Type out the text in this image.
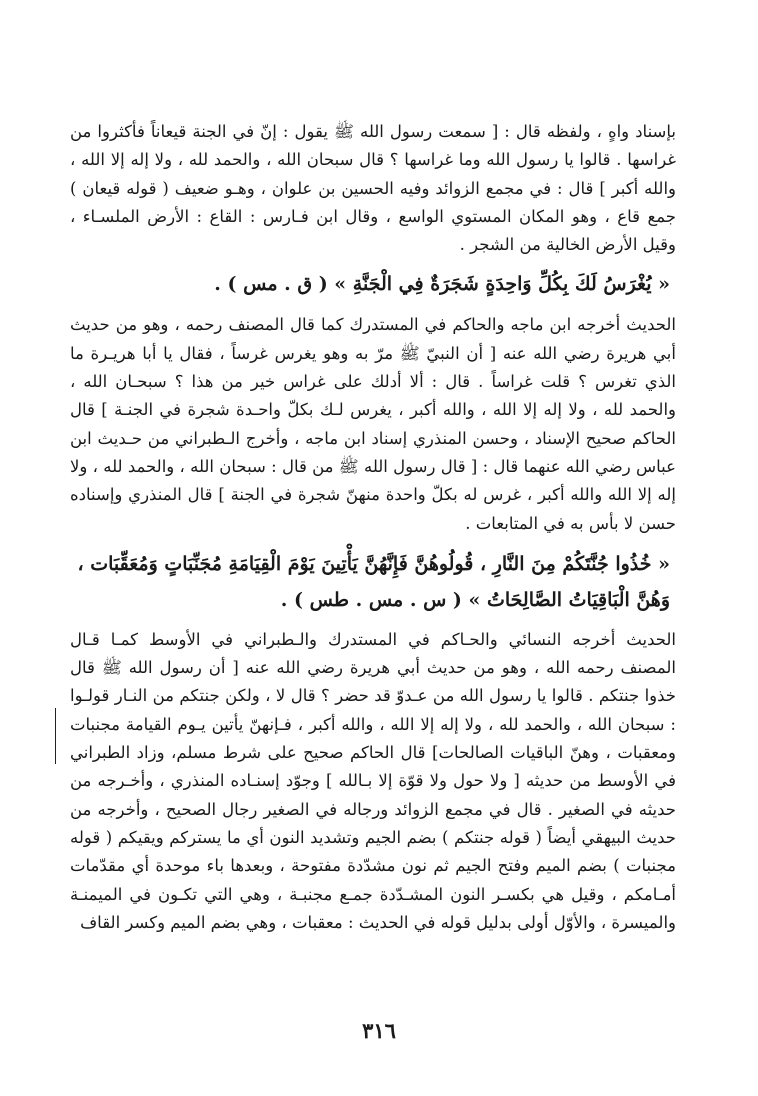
بإسناد واهٍ ، ولفظه قال : [ سمعت رسول الله ﷺ يقول : إنّ في الجنة قيعاناً فأكثروا من غراسها . قالوا يا رسول الله وما غراسها ؟ قال سبحان الله ، والحمد لله ، ولا إله إلا الله ، والله أكبر ] قال : في مجمع الزوائد وفيه الحسين بن علوان ، وهـو ضعيف ( قوله قيعان ) جمع قاع ، وهو المكان المستوي الواسع ، وقال ابن فـارس : القاع : الأرض الملسـاء ، وقيل الأرض الخالية من الشجر .

« يُغْرَسُ لَكَ بِكُلِّ وَاحِدَةٍ شَجَرَةٌ فِي الْجَنَّةِ » ( ق . مس ) .

الحديث أخرجه ابن ماجه والحاكم في المستدرك كما قال المصنف رحمه ، وهو من حديث أبي هريرة رضي الله عنه [ أن النبيّ ﷺ مرّ به وهو يغرس غرساً ، فقال يا أبا هريـرة ما الذي تغرس ؟ قلت غراساً . قال : ألا أدلك على غراس خير من هذا ؟ سبحـان الله ، والحمد لله ، ولا إله إلا الله ، والله أكبر ، يغرس لـك بكلّ واحـدة شجرة في الجنـة ] قال الحاكم صحيح الإسناد ، وحسن المنذري إسناد ابن ماجه ، وأخرج الـطبراني من حـديث ابن عباس رضي الله عنهما قال : [ قال رسول الله ﷺ من قال : سبحان الله ، والحمد لله ، ولا إله إلا الله والله أكبر ، غرس له بكلّ واحدة منهنّ شجرة في الجنة ] قال المنذري وإسناده حسن لا بأس به في المتابعات .

« خُذُوا جُنَّتَكُمْ مِنَ النَّارِ ، قُولُوهُنَّ فَإِنَّهُنَّ يَأْتِينَ يَوْمَ الْقِيَامَةِ مُجَنِّبَاتٍ وَمُعَقِّبَات ، وَهُنَّ الْبَاقِيَاتُ الصَّالِحَاتُ » ( س . مس . طس ) .

الحديث أخرجه النسائي والحـاكم في المستدرك والـطبراني في الأوسط كمـا قـال المصنف رحمه الله ، وهو من حديث أبي هريرة رضي الله عنه [ أن رسول الله ﷺ قال خذوا جنتكم . قالوا يا رسول الله من عـدوّ قد حضر ؟ قال لا ، ولكن جنتكم من النـار قولـوا : سبحان الله ، والحمد لله ، ولا إله إلا الله ، والله أكبر ، فـإنهنّ يأتين يـوم القيامة مجنبات ومعقبات ، وهنّ الباقيات الصالحات] قال الحاكم صحيح على شرط مسلم، وزاد الطبراني في الأوسط من حديثه [ ولا حول ولا قوّة إلا بـالله ] وجوّد إسنـاده المنذري ، وأخـرجه من حديثه في الصغير . قال في مجمع الزوائد ورجاله في الصغير رجال الصحيح ، وأخرجه من حديث البيهقي أيضاً ( قوله جنتكم ) بضم الجيم وتشديد النون أي ما يستركم ويقيكم ( قوله مجنبات ) بضم الميم وفتح الجيم ثم نون مشدّدة مفتوحة ، وبعدها باء موحدة أي مقدّمات أمـامكم ، وقيل هي بكسـر النون المشـدّدة جمـع مجنبـة ، وهي التي تكـون في الميمنـة والميسرة ، والأوّل أولى بدليل قوله في الحديث : معقبات ، وهي بضم الميم وكسر القاف

٣١٦
